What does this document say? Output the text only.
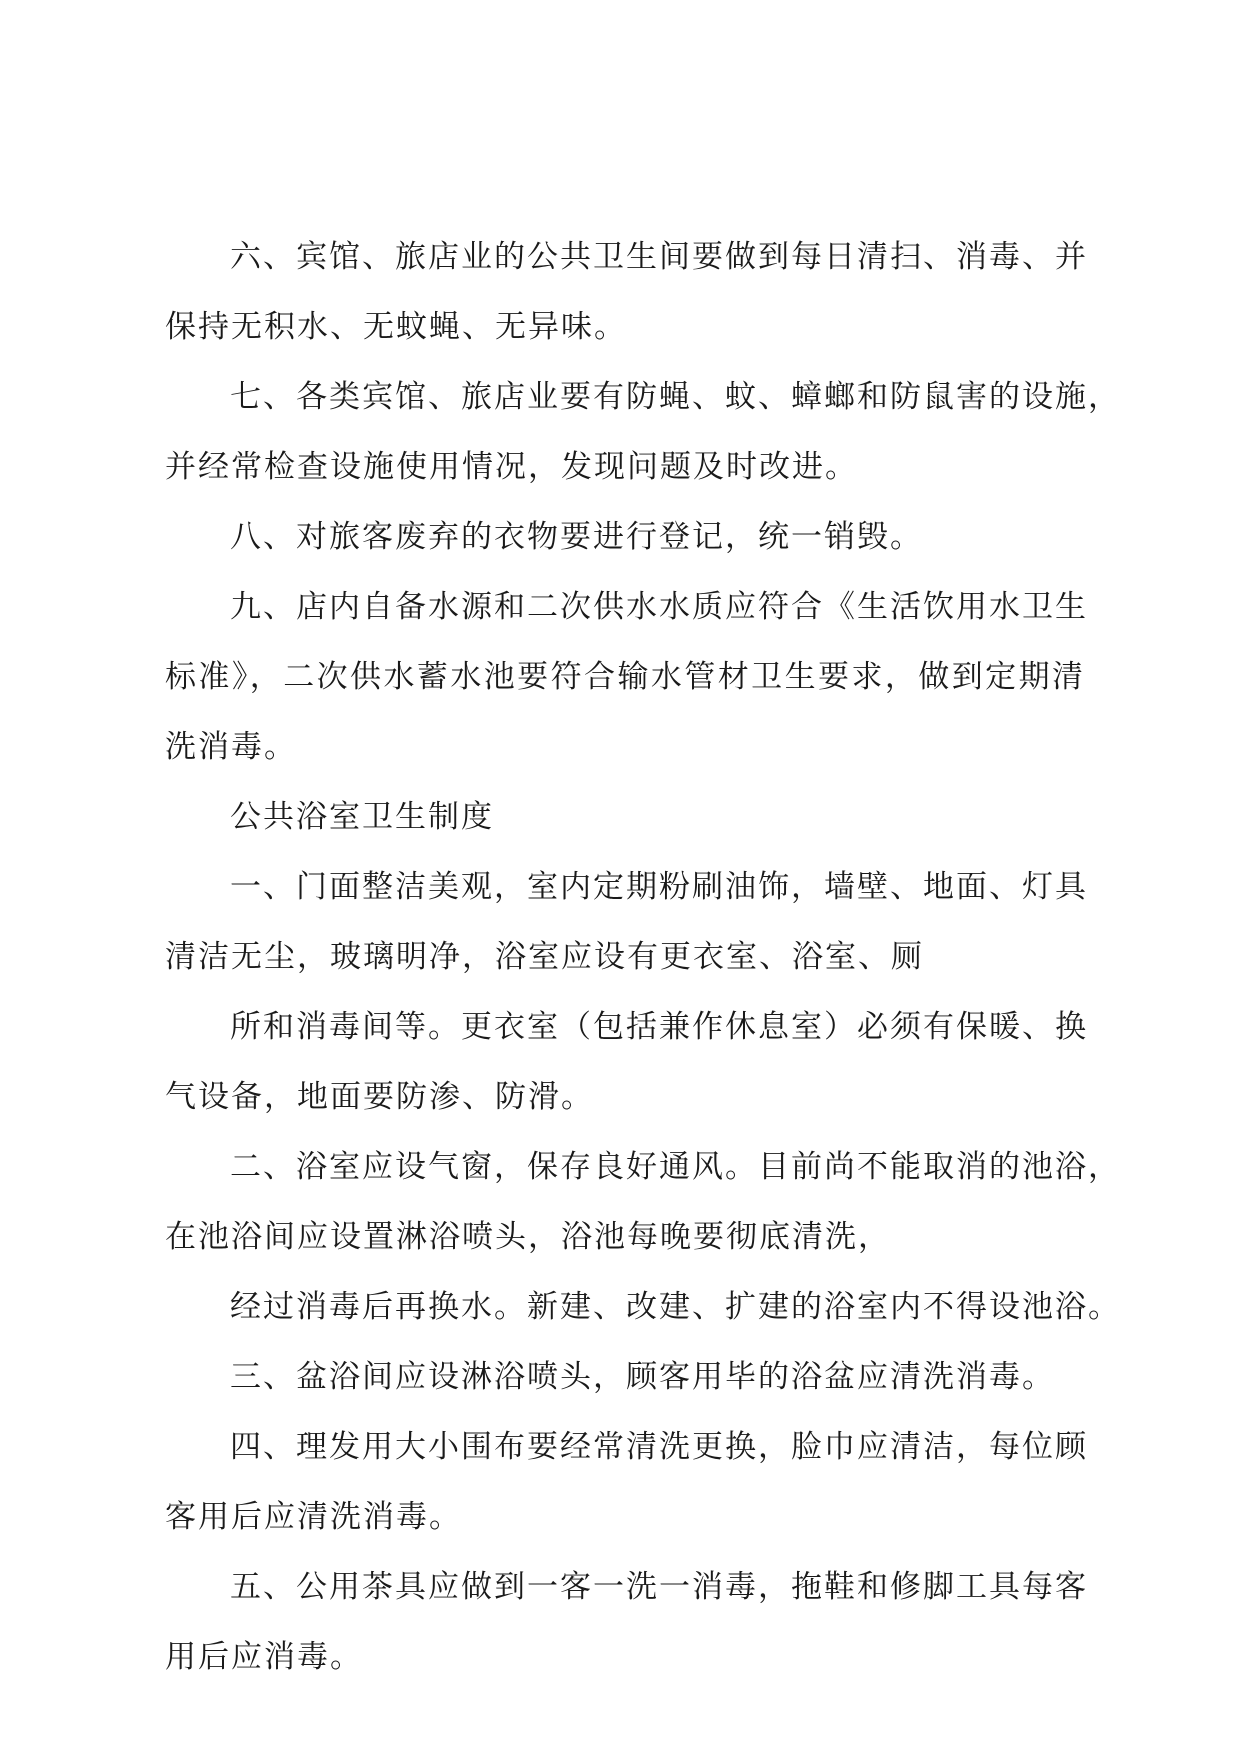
六、宾馆、旅店业的公共卫生间要做到每日清扫、消毒、并
保持无积水、无蚊蝇、无异味。
七、各类宾馆、旅店业要有防蝇、蚊、蟑螂和防鼠害的设施，
并经常检查设施使用情况，发现问题及时改进。
八、对旅客废弃的衣物要进行登记，统一销毁。
九、店内自备水源和二次供水水质应符合《生活饮用水卫生
标准》，二次供水蓄水池要符合输水管材卫生要求，做到定期清
洗消毒。
公共浴室卫生制度
一、门面整洁美观，室内定期粉刷油饰，墙壁、地面、灯具
清洁无尘，玻璃明净，浴室应设有更衣室、浴室、厕
所和消毒间等。更衣室（包括兼作休息室）必须有保暖、换
气设备，地面要防渗、防滑。
二、浴室应设气窗，保存良好通风。目前尚不能取消的池浴，
在池浴间应设置淋浴喷头，浴池每晚要彻底清洗，
经过消毒后再换水。新建、改建、扩建的浴室内不得设池浴。
三、盆浴间应设淋浴喷头，顾客用毕的浴盆应清洗消毒。
四、理发用大小围布要经常清洗更换，脸巾应清洁，每位顾
客用后应清洗消毒。
五、公用茶具应做到一客一洗一消毒，拖鞋和修脚工具每客
用后应消毒。
